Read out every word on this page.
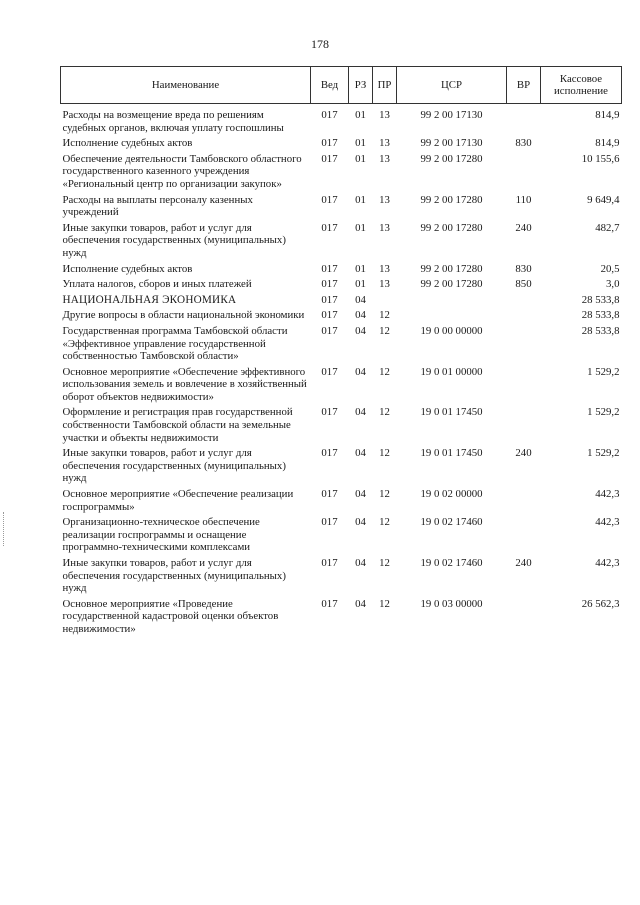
178
Наименование	Вед	РЗ	ПР	ЦСР	ВР	Кассовое исполнение
Расходы на возмещение вреда по решениям судебных органов, включая уплату госпошлины	017	01	13	99 2 00 17130		814,9
Исполнение судебных актов	017	01	13	99 2 00 17130	830	814,9
Обеспечение деятельности Тамбовского областного государственного казенного учреждения «Региональный центр по организации закупок»	017	01	13	99 2 00 17280		10 155,6
Расходы на выплаты персоналу казенных учреждений	017	01	13	99 2 00 17280	110	9 649,4
Иные закупки товаров, работ и услуг для обеспечения государственных (муниципальных) нужд	017	01	13	99 2 00 17280	240	482,7
Исполнение судебных актов	017	01	13	99 2 00 17280	830	20,5
Уплата налогов, сборов и иных платежей	017	01	13	99 2 00 17280	850	3,0
НАЦИОНАЛЬНАЯ ЭКОНОМИКА	017	04				28 533,8
Другие вопросы в области национальной экономики	017	04	12			28 533,8
Государственная программа Тамбовской области «Эффективное управление государственной собственностью Тамбовской области»	017	04	12	19 0 00 00000		28 533,8
Основное мероприятие «Обеспечение эффективного использования земель и вовлечение в хозяйственный оборот объектов недвижимости»	017	04	12	19 0 01 00000		1 529,2
Оформление и регистрация прав государственной собственности Тамбовской области на земельные участки и объекты недвижимости	017	04	12	19 0 01 17450		1 529,2
Иные закупки товаров, работ и услуг для обеспечения государственных (муниципальных) нужд	017	04	12	19 0 01 17450	240	1 529,2
Основное мероприятие «Обеспечение реализации госпрограммы»	017	04	12	19 0 02 00000		442,3
Организационно-техническое обеспечение реализации госпрограммы и оснащение программно-техническими комплексами	017	04	12	19 0 02 17460		442,3
Иные закупки товаров, работ и услуг для обеспечения государственных (муниципальных) нужд	017	04	12	19 0 02 17460	240	442,3
Основное мероприятие «Проведение государственной кадастровой оценки объектов недвижимости»	017	04	12	19 0 03 00000		26 562,3
